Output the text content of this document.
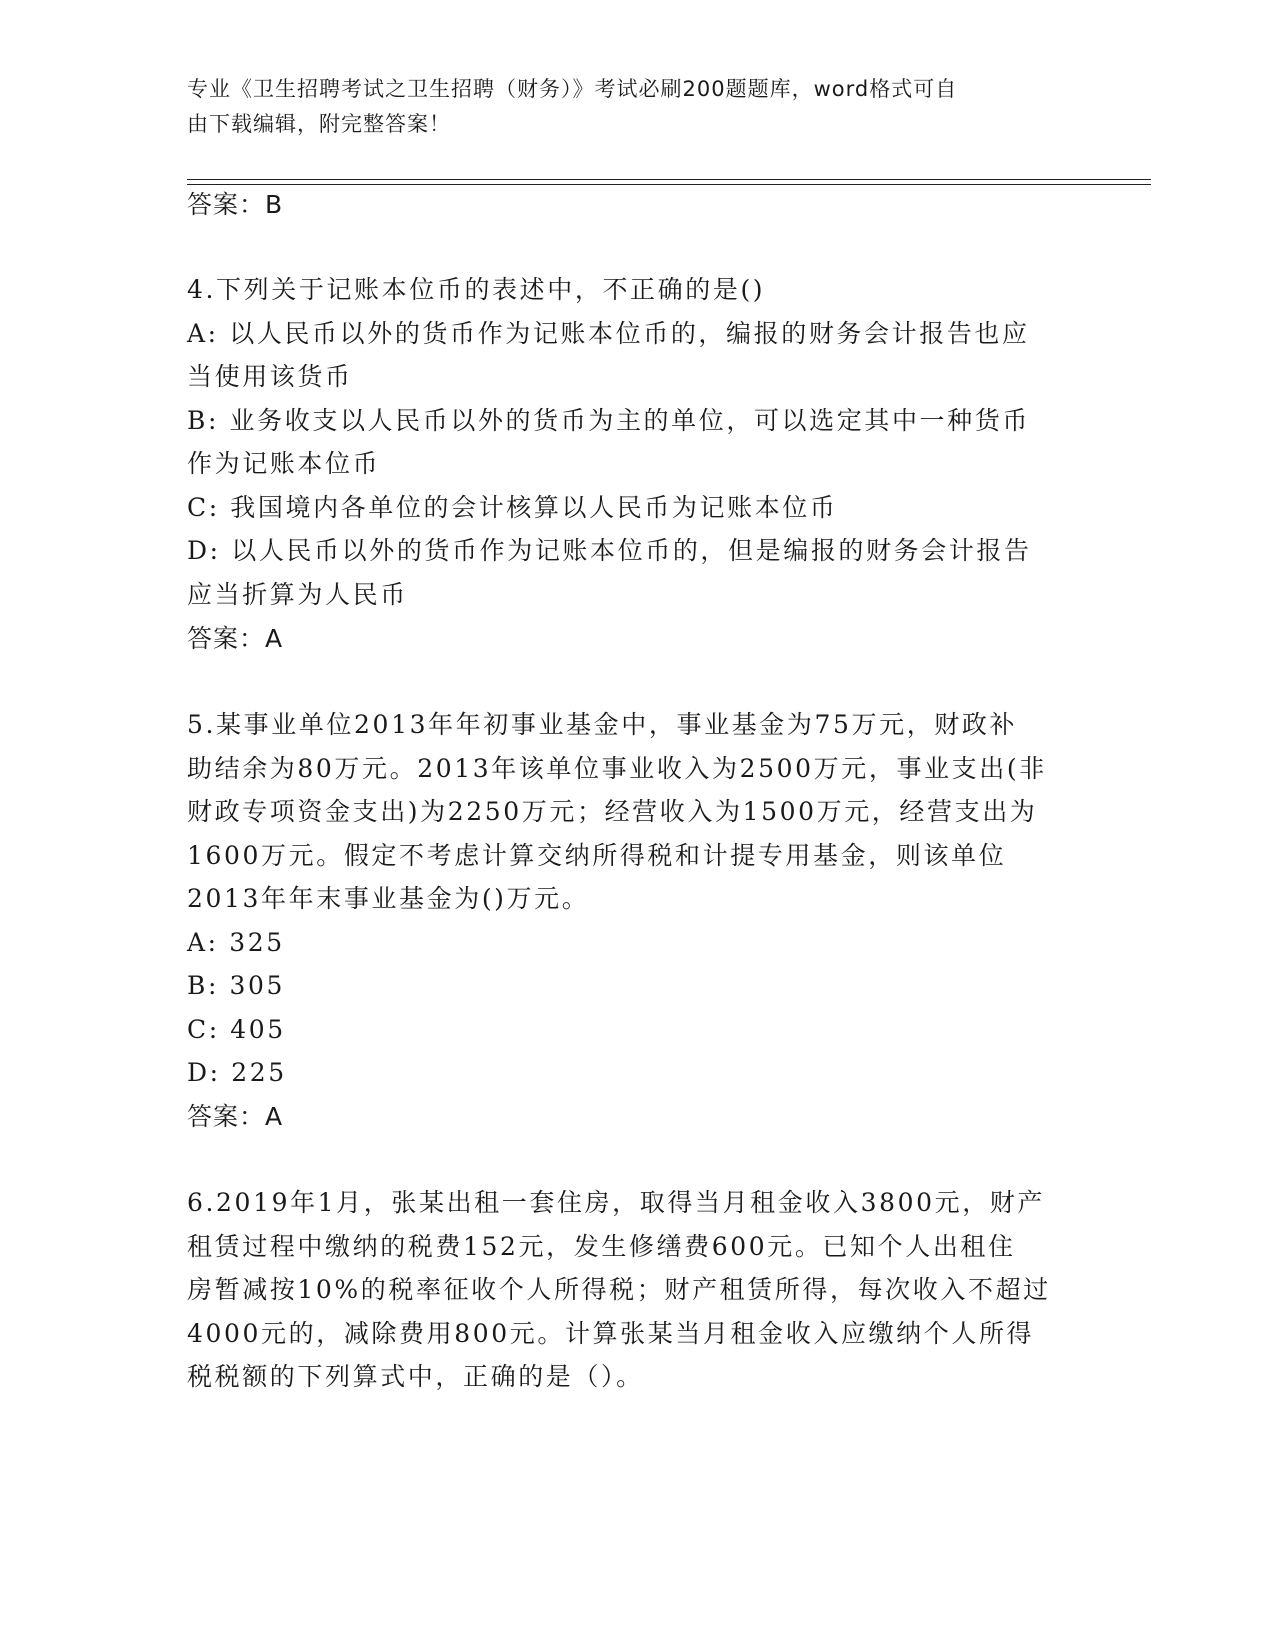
专业《卫生招聘考试之卫生招聘（财务）》考试必刷200题题库，word格式可自
由下载编辑，附完整答案！
答案：B
4.下列关于记账本位币的表述中，不正确的是()
A: 以人民币以外的货币作为记账本位币的，编报的财务会计报告也应
当使用该货币
B: 业务收支以人民币以外的货币为主的单位，可以选定其中一种货币
作为记账本位币
C: 我国境内各单位的会计核算以人民币为记账本位币
D: 以人民币以外的货币作为记账本位币的，但是编报的财务会计报告
应当折算为人民币
答案：A
5.某事业单位2013年年初事业基金中，事业基金为75万元，财政补
助结余为80万元。2013年该单位事业收入为2500万元，事业支出(非
财政专项资金支出)为2250万元；经营收入为1500万元，经营支出为
1600万元。假定不考虑计算交纳所得税和计提专用基金，则该单位
2013年年末事业基金为()万元。
A: 325
B: 305
C: 405
D: 225
答案：A
6.2019年1月，张某出租一套住房，取得当月租金收入3800元，财产
租赁过程中缴纳的税费152元，发生修缮费600元。已知个人出租住
房暂减按10%的税率征收个人所得税；财产租赁所得，每次收入不超过
4000元的，减除费用800元。计算张某当月租金收入应缴纳个人所得
税税额的下列算式中，正确的是（）。
